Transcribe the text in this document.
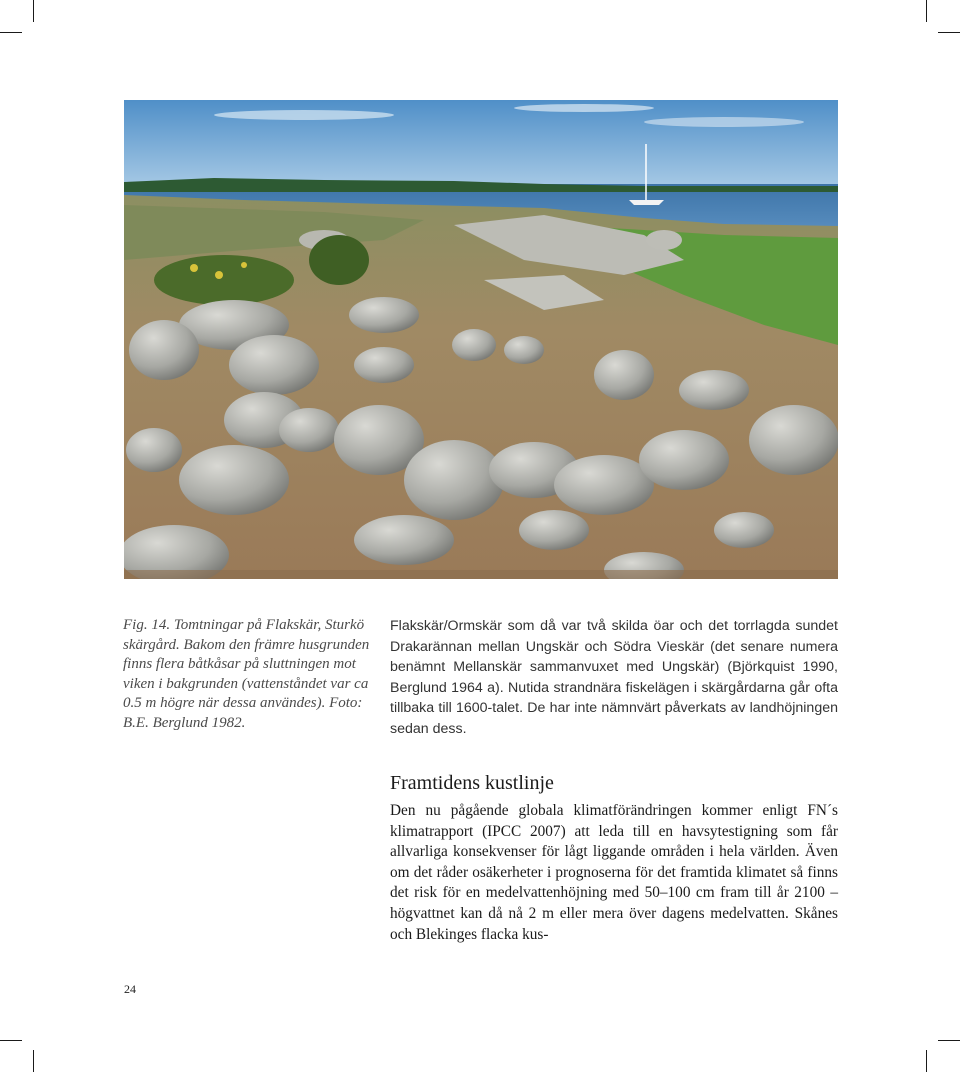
Fig. 14. Tomtningar på Flakskär, Sturkö skärgård. Bakom den främre husgrunden finns flera båtkåsar på sluttningen mot viken i bakgrunden (vattenståndet var ca 0.5 m högre när dessa användes). Foto: B.E. Berglund 1982.

Flakskär/Ormskär som då var två skilda öar och det torrlagda sundet Drakarännan mellan Ungskär och Södra Vieskär (det senare numera benämnt Mellanskär sammanvuxet med Ungskär) (Björkquist 1990, Berglund 1964 a). Nutida strandnära fiskelägen i skärgårdarna går ofta tillbaka till 1600-talet. De har inte nämnvärt påverkats av landhöjningen sedan dess.

Framtidens kustlinje

Den nu pågående globala klimatförändringen kommer enligt FN´s klimatrapport (IPCC 2007) att leda till en havsytestigning som får allvarliga konsekvenser för lågt liggande områden i hela världen. Även om det råder osäkerheter i prognoserna för det framtida klimatet så finns det risk för en medelvattenhöjning med 50–100 cm fram till år 2100 – högvattnet kan då nå 2 m eller mera över dagens medelvatten. Skånes och Blekinges flacka kus-

24
